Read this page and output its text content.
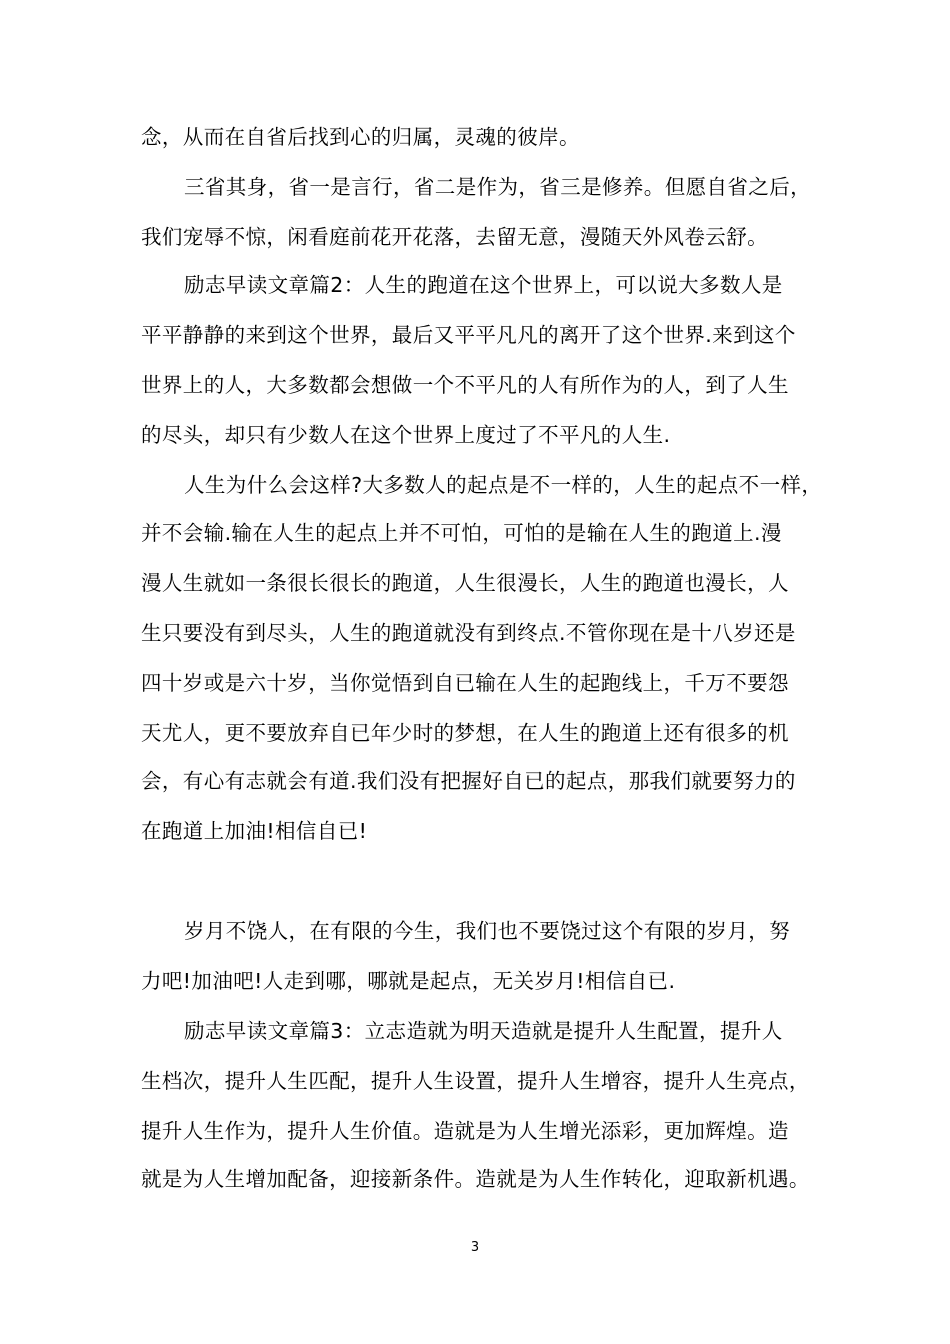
念，从而在自省后找到心的归属，灵魂的彼岸。
三省其身，省一是言行，省二是作为，省三是修养。但愿自省之后，
我们宠辱不惊，闲看庭前花开花落，去留无意，漫随天外风卷云舒。
励志早读文章篇2：人生的跑道在这个世界上，可以说大多数人是
平平静静的来到这个世界，最后又平平凡凡的离开了这个世界.来到这个
世界上的人，大多数都会想做一个不平凡的人有所作为的人，到了人生
的尽头，却只有少数人在这个世界上度过了不平凡的人生.
人生为什么会这样?大多数人的起点是不一样的，人生的起点不一样，
并不会输.输在人生的起点上并不可怕，可怕的是输在人生的跑道上.漫
漫人生就如一条很长很长的跑道，人生很漫长，人生的跑道也漫长，人
生只要没有到尽头，人生的跑道就没有到终点.不管你现在是十八岁还是
四十岁或是六十岁，当你觉悟到自已输在人生的起跑线上，千万不要怨
天尤人，更不要放弃自已年少时的梦想，在人生的跑道上还有很多的机
会，有心有志就会有道.我们没有把握好自已的起点，那我们就要努力的
在跑道上加油!相信自已!
岁月不饶人，在有限的今生，我们也不要饶过这个有限的岁月，努
力吧!加油吧!人走到哪，哪就是起点，无关岁月!相信自已.
励志早读文章篇3：立志造就为明天造就是提升人生配置，提升人
生档次，提升人生匹配，提升人生设置，提升人生增容，提升人生亮点，
提升人生作为，提升人生价值。造就是为人生增光添彩，更加辉煌。造
就是为人生增加配备，迎接新条件。造就是为人生作转化，迎取新机遇。
3
